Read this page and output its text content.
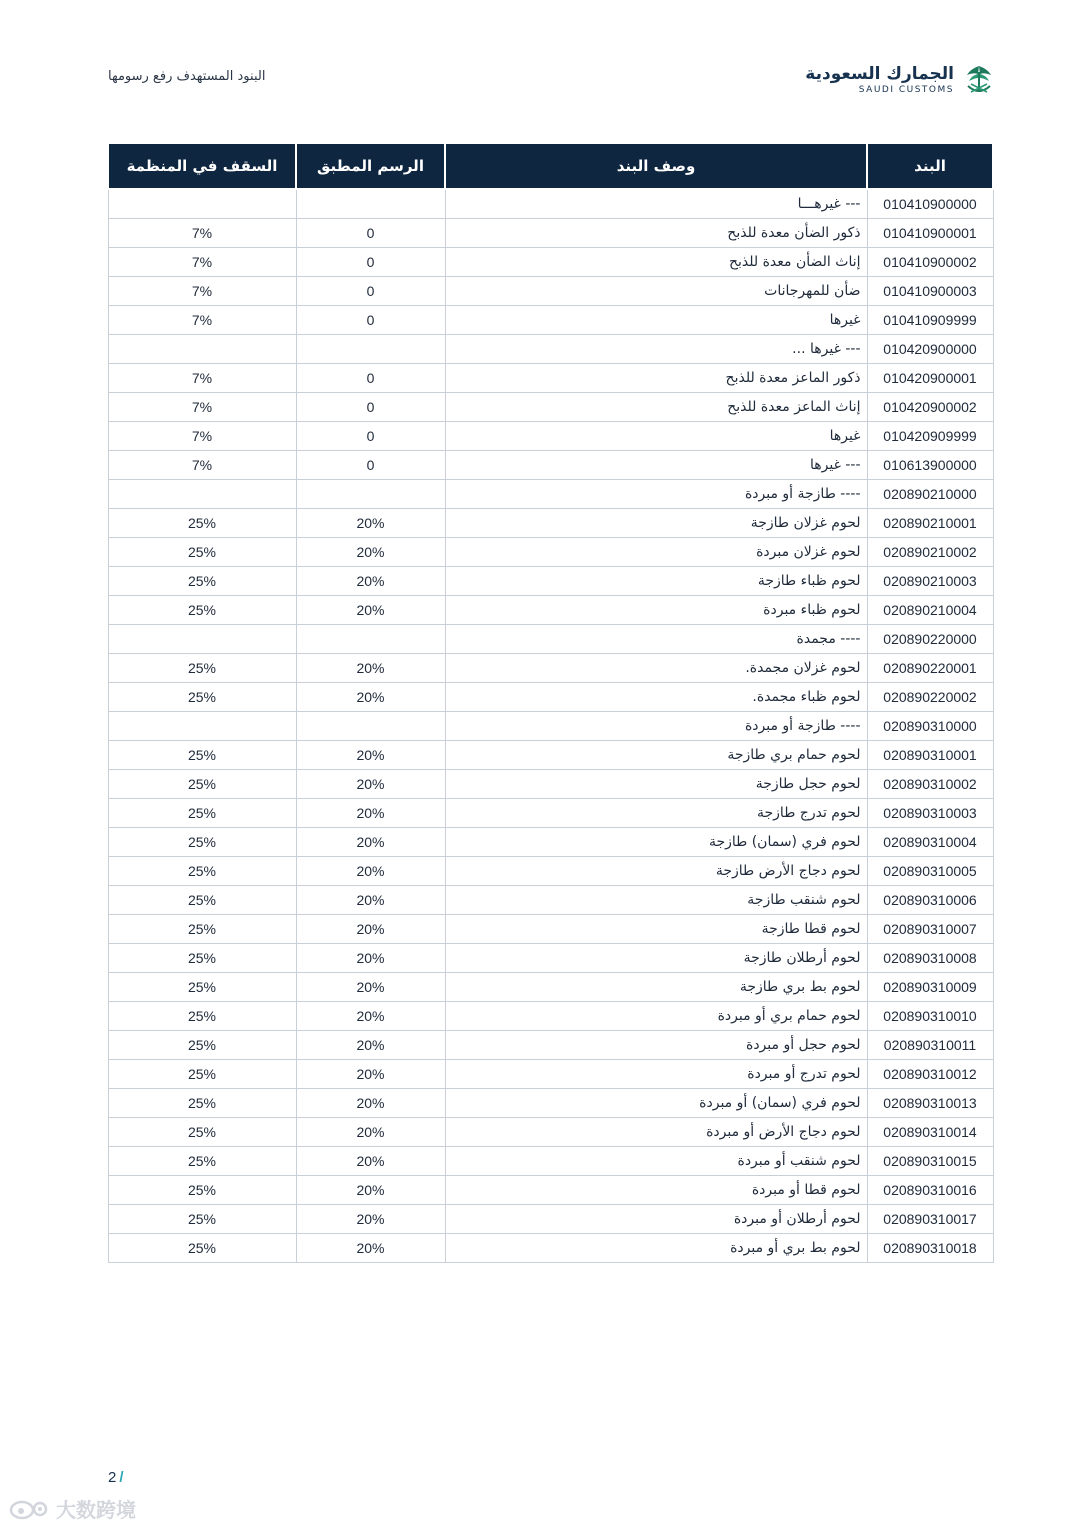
الجمارك السعودية
SAUDI CUSTOMS
البنود المستهدف رفع رسومها
البند	وصف البند	الرسم المطبق	السقف في المنظمة
010410900000	--- غيرهـــا		
010410900001	ذكور الضأن معدة للذبح	0	7%
010410900002	إناث الضأن معدة للذبح	0	7%
010410900003	ضأن للمهرجانات	0	7%
010410909999	غيرها	0	7%
010420900000	--- غيرها ...		
010420900001	ذكور الماعز معدة للذبح	0	7%
010420900002	إناث الماعز معدة للذبح	0	7%
010420909999	غيرها	0	7%
010613900000	--- غيرها	0	7%
020890210000	---- طازجة أو مبردة		
020890210001	لحوم غزلان طازجة	20%	25%
020890210002	لحوم غزلان مبردة	20%	25%
020890210003	لحوم ظباء طازجة	20%	25%
020890210004	لحوم ظباء مبردة	20%	25%
020890220000	---- مجمدة		
020890220001	لحوم غزلان مجمدة.	20%	25%
020890220002	لحوم ظباء مجمدة.	20%	25%
020890310000	---- طازجة أو مبردة		
020890310001	لحوم حمام بري طازجة	20%	25%
020890310002	لحوم حجل طازجة	20%	25%
020890310003	لحوم تدرج طازجة	20%	25%
020890310004	لحوم فري (سمان) طازجة	20%	25%
020890310005	لحوم دجاج الأرض طازجة	20%	25%
020890310006	لحوم شنقب طازجة	20%	25%
020890310007	لحوم قطا طازجة	20%	25%
020890310008	لحوم أرطلان طازجة	20%	25%
020890310009	لحوم بط بري طازجة	20%	25%
020890310010	لحوم حمام بري أو مبردة	20%	25%
020890310011	لحوم حجل أو مبردة	20%	25%
020890310012	لحوم تدرج أو مبردة	20%	25%
020890310013	لحوم فري (سمان) أو مبردة	20%	25%
020890310014	لحوم دجاج الأرض أو مبردة	20%	25%
020890310015	لحوم شنقب أو مبردة	20%	25%
020890310016	لحوم قطا أو مبردة	20%	25%
020890310017	لحوم أرطلان أو مبردة	20%	25%
020890310018	لحوم بط بري أو مبردة	20%	25%
2 /
大数跨境
